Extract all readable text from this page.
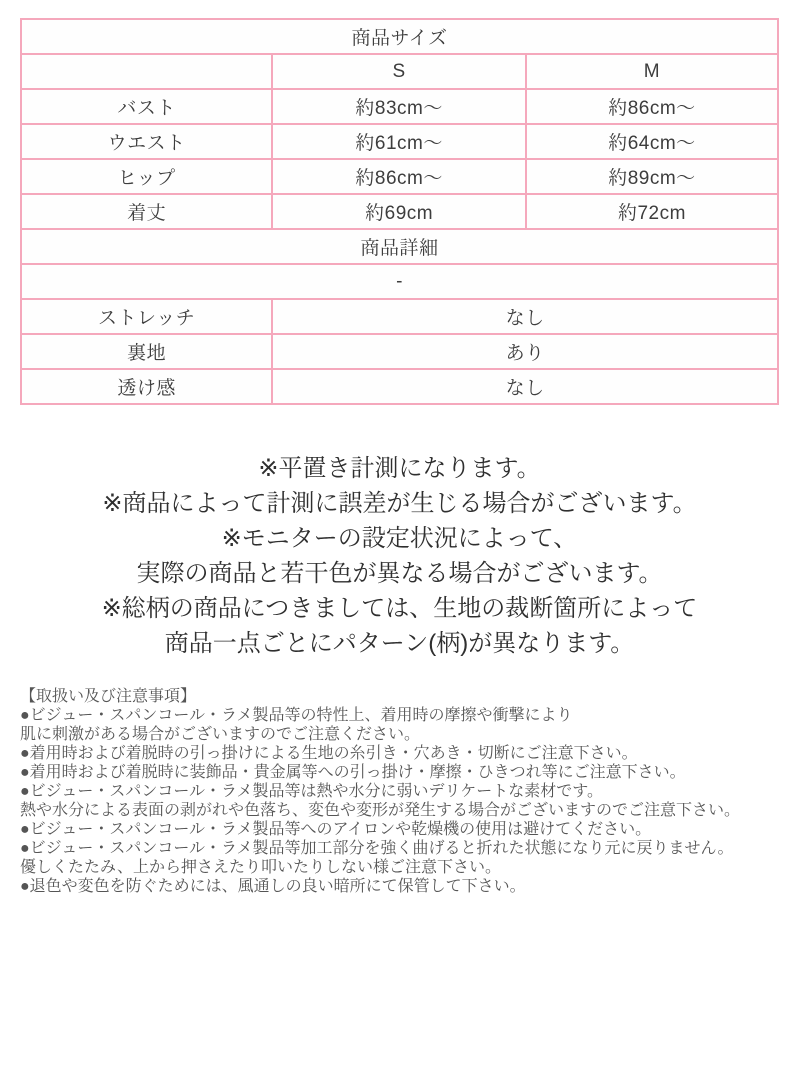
商品サイズ		
	S	M
バスト	約83cm～	約86cm～
ウエスト	約61cm～	約64cm～
ヒップ	約86cm～	約89cm～
着丈	約69cm	約72cm
商品詳細		
-		
ストレッチ	なし	
裏地	あり	
透け感	なし	
※平置き計測になります。
※商品によって計測に誤差が生じる場合がございます。
※モニターの設定状況によって、
実際の商品と若干色が異なる場合がございます。
※総柄の商品につきましては、生地の裁断箇所によって
商品一点ごとにパターン(柄)が異なります。
【取扱い及び注意事項】
●ビジュー・スパンコール・ラメ製品等の特性上、着用時の摩擦や衝撃により
肌に刺激がある場合がございますのでご注意ください。
●着用時および着脱時の引っ掛けによる生地の糸引き・穴あき・切断にご注意下さい。
●着用時および着脱時に装飾品・貴金属等への引っ掛け・摩擦・ひきつれ等にご注意下さい。
●ビジュー・スパンコール・ラメ製品等は熱や水分に弱いデリケートな素材です。
熱や水分による表面の剥がれや色落ち、変色や変形が発生する場合がございますのでご注意下さい。
●ビジュー・スパンコール・ラメ製品等へのアイロンや乾燥機の使用は避けてください。
●ビジュー・スパンコール・ラメ製品等加工部分を強く曲げると折れた状態になり元に戻りません。
優しくたたみ、上から押さえたり叩いたりしない様ご注意下さい。
●退色や変色を防ぐためには、風通しの良い暗所にて保管して下さい。
